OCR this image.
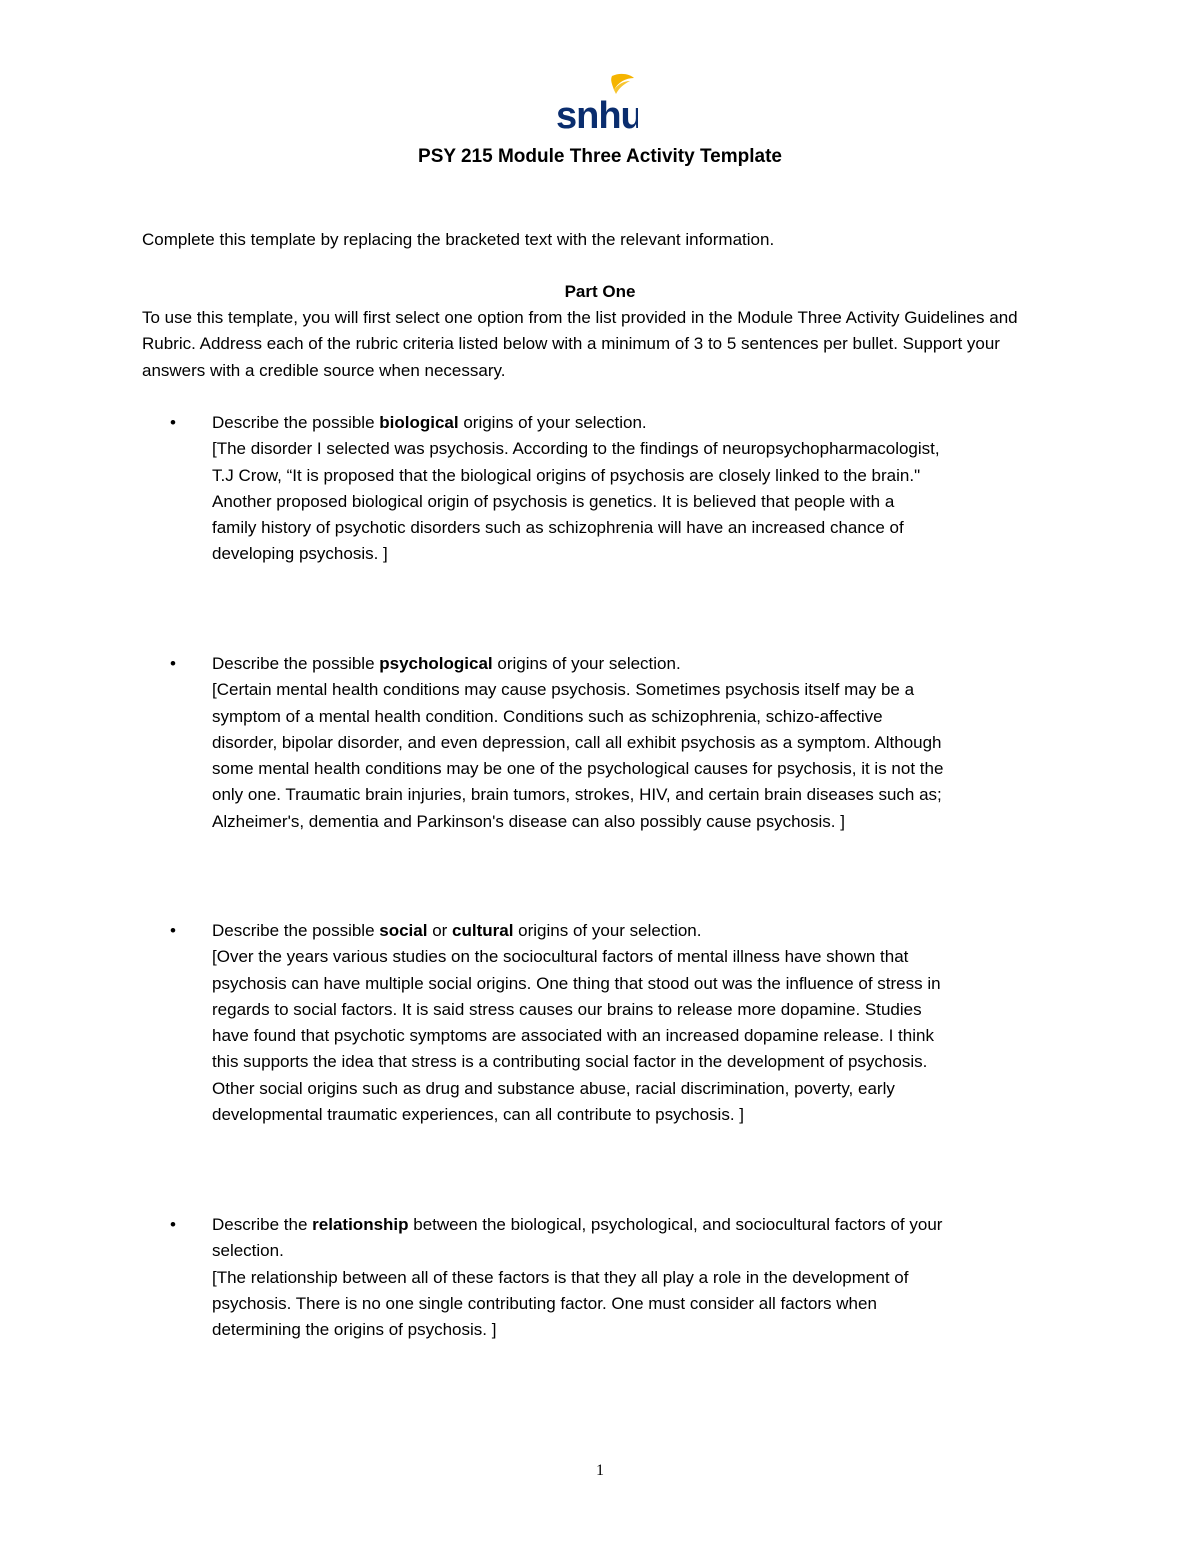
snhu
PSY 215 Module Three Activity Template
Complete this template by replacing the bracketed text with the relevant information.
Part One
To use this template, you will first select one option from the list provided in the Module Three Activity Guidelines and Rubric. Address each of the rubric criteria listed below with a minimum of 3 to 5 sentences per bullet. Support your answers with a credible source when necessary.
• Describe the possible biological origins of your selection.
[The disorder I selected was psychosis. According to the findings of neuropsychopharmacologist,
T.J Crow, “It is proposed that the biological origins of psychosis are closely linked to the brain."
Another proposed biological origin of psychosis is genetics. It is believed that people with a
family history of psychotic disorders such as schizophrenia will have an increased chance of
developing psychosis. ]
• Describe the possible psychological origins of your selection.
[Certain mental health conditions may cause psychosis. Sometimes psychosis itself may be a
symptom of a mental health condition. Conditions such as schizophrenia, schizo-affective
disorder, bipolar disorder, and even depression, call all exhibit psychosis as a symptom. Although
some mental health conditions may be one of the psychological causes for psychosis, it is not the
only one. Traumatic brain injuries, brain tumors, strokes, HIV, and certain brain diseases such as;
Alzheimer's, dementia and Parkinson's disease can also possibly cause psychosis. ]
• Describe the possible social or cultural origins of your selection.
[Over the years various studies on the sociocultural factors of mental illness have shown that
psychosis can have multiple social origins. One thing that stood out was the influence of stress in
regards to social factors. It is said stress causes our brains to release more dopamine. Studies
have found that psychotic symptoms are associated with an increased dopamine release. I think
this supports the idea that stress is a contributing social factor in the development of psychosis.
Other social origins such as drug and substance abuse, racial discrimination, poverty, early
developmental traumatic experiences, can all contribute to psychosis. ]
• Describe the relationship between the biological, psychological, and sociocultural factors of your
selection.
[The relationship between all of these factors is that they all play a role in the development of
psychosis. There is no one single contributing factor. One must consider all factors when
determining the origins of psychosis. ]
1
